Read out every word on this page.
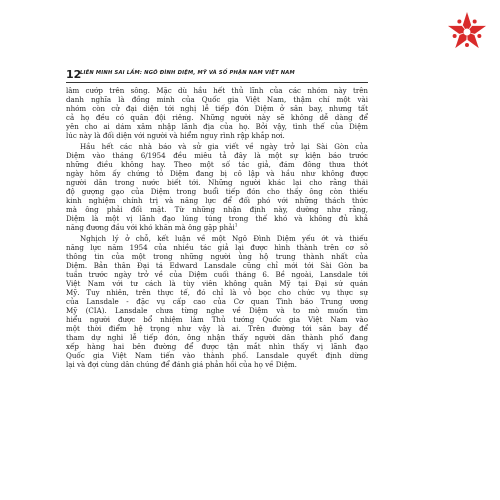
12
LIÊN MINH SAI LẦM: NGÔ ĐÌNH DIỆM, MỸ VÀ SỐ PHẬN NAM VIỆT NAM
lâm cướp trên sông. Mặc dù hầu hết thủ lĩnh của các nhóm này trên
danh nghĩa là đồng minh của Quốc gia Việt Nam, thậm chí một vài
nhóm còn cử đại diện tới nghị lễ tiếp đón Diệm ở sân bay, nhưng tất
cả họ đều có quân đội riêng. Những người này sẽ không dễ dàng để
yên cho ai dám xâm nhập lãnh địa của họ. Bởi vậy, tình thế của Diệm
lúc này là đối diện với người và hiểm nguy rình rập khắp nơi.
Hầu hết các nhà báo và sử gia viết về ngày trở lại Sài Gòn của
Diệm vào tháng 6/1954 đều miêu tả đây là một sự kiện báo trước
những điều không hay. Theo một số tác giả, đám đông thưa thớt
ngày hôm ấy chứng tỏ Diệm đang bị cô lập và hầu như không được
người dân trong nước biết tới. Những người khác lại cho rằng thái
độ gượng gạo của Diệm trong buổi tiếp đón cho thấy ông còn thiếu
kinh nghiệm chính trị và năng lực để đối phó với những thách thức
mà ông phải đối mặt. Từ những nhận định này, dường như rằng,
Diệm là một vị lãnh đạo lúng túng trong thế khó và không đủ khả
năng đương đầu với khó khăn mà ông gặp phải$^1$
Nghịch lý ở chỗ, kết luận về một Ngô Đình Diệm yếu ớt và thiếu
năng lực năm 1954 của nhiều tác giả lại được hình thành trên cơ sở
thông tin của một trong những người ủng hộ trung thành nhất của
Diệm. Bản thân Đại tá Edward Lansdale cũng chỉ mới tới Sài Gòn ba
tuần trước ngày trở về của Diệm cuối tháng 6. Bề ngoài, Lansdale tới
Việt Nam với tư cách là tùy viên không quân Mỹ tại Đại sứ quán
Mỹ. Tuy nhiên, trên thực tế, đó chỉ là vỏ bọc cho chức vụ thực sự
của Lansdale - đặc vụ cấp cao của Cơ quan Tình báo Trung ương
Mỹ (CIA). Lansdale chưa từng nghe về Diệm và to mò muốn tìm
hiểu người được bổ nhiệm làm Thủ tướng Quốc gia Việt Nam vào
một thời điểm hệ trọng như vậy là ai. Trên đường tới sân bay để
tham dự nghi lễ tiếp đón, ông nhận thấy người dân thành phố đang
xếp hàng hai bên đường để được tận mắt nhìn thấy vị lãnh đạo
Quốc gia Việt Nam tiến vào thành phố. Lansdale quyết định dừng
lại và đợi cùng dân chúng để đánh giá phản hồi của họ về Diệm.
